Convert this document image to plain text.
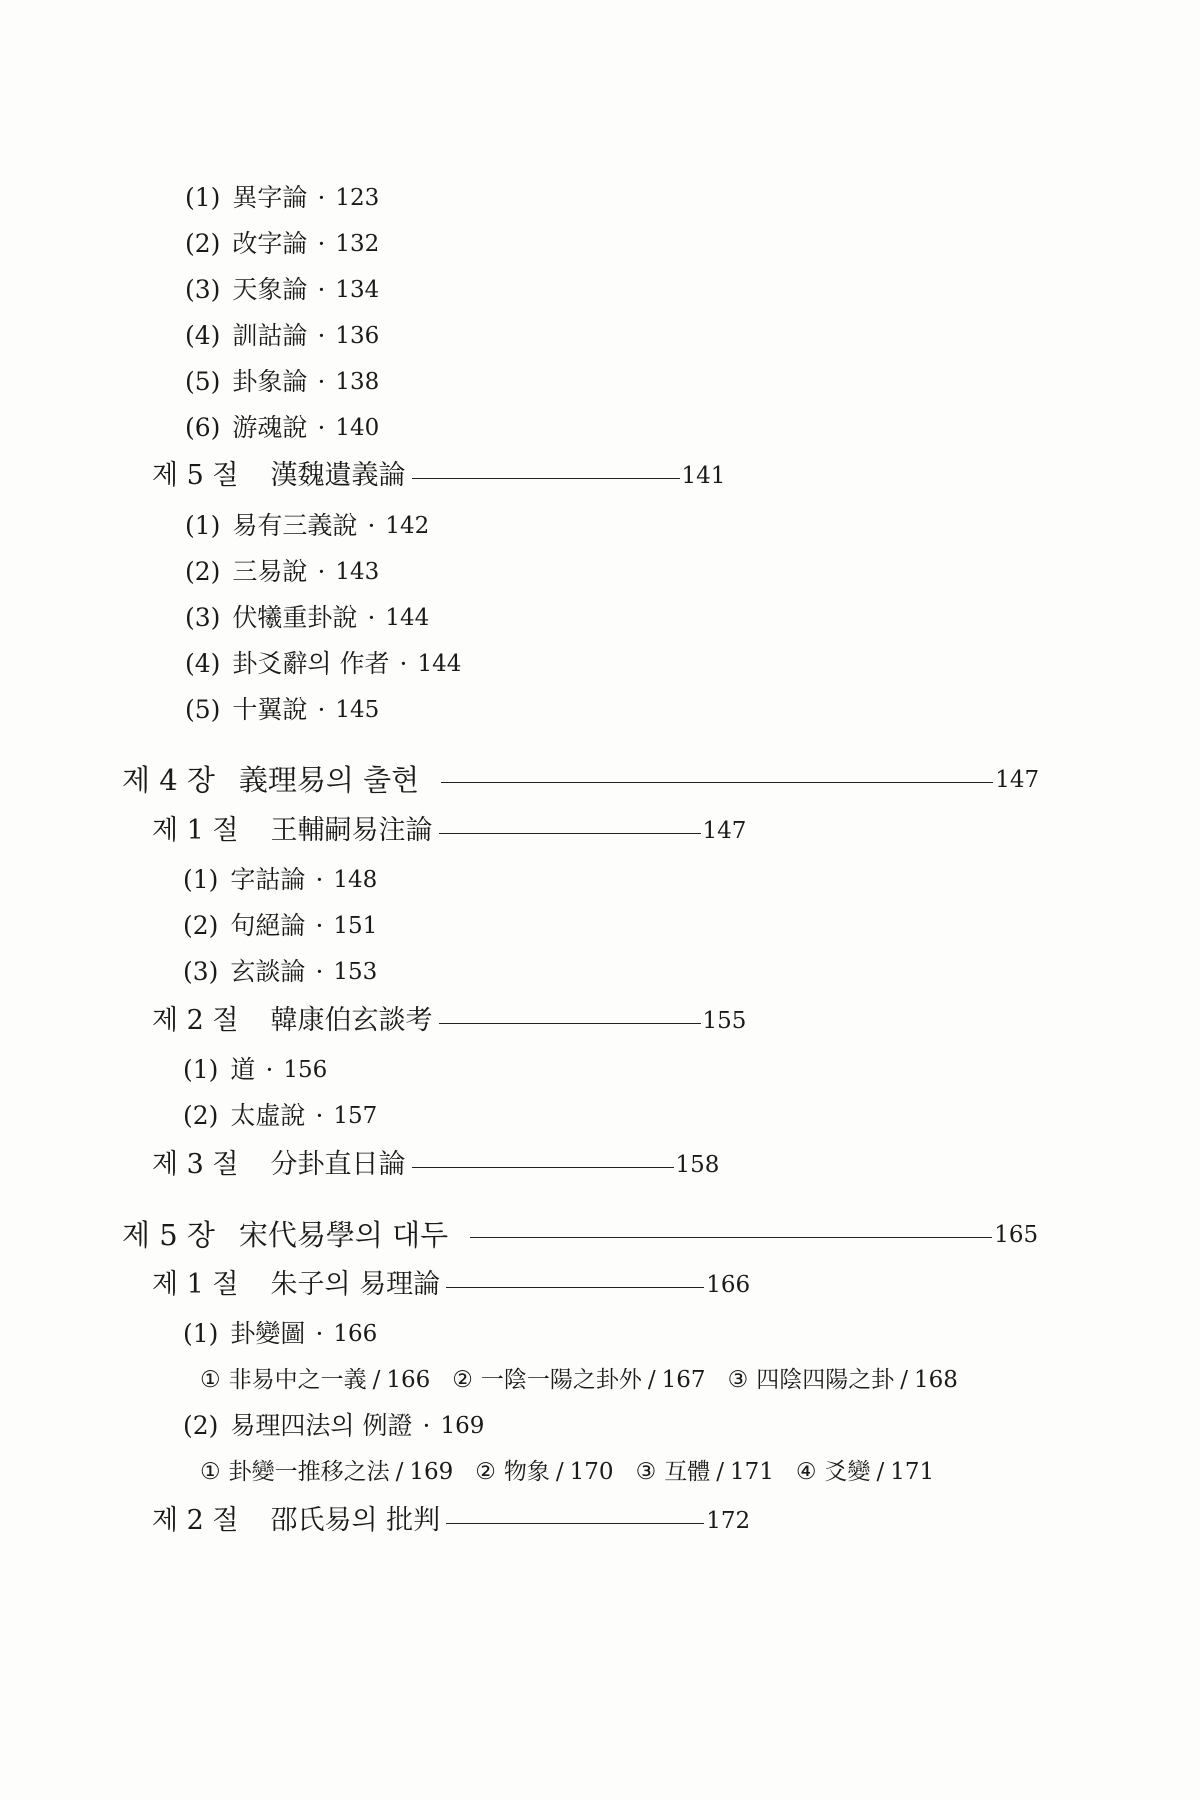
(1) 異字論 · 123
(2) 改字論 · 132
(3) 天象論 · 134
(4) 訓詁論 · 136
(5) 卦象論 · 138
(6) 游魂說 · 140
제 5 절 漢魏遺義論	141
(1) 易有三義說 · 142
(2) 三易說 · 143
(3) 伏犧重卦說 · 144
(4) 卦爻辭의 作者 · 144
(5) 十翼說 · 145
제 4 장 義理易의 출현	147
제 1 절 王輔嗣易注論	147
(1) 字詁論 · 148
(2) 句絕論 · 151
(3) 玄談論 · 153
제 2 절 韓康伯玄談考	155
(1) 道 · 156
(2) 太虛說 · 157
제 3 절 分卦直日論	158
제 5 장 宋代易學의 대두	165
제 1 절 朱子의 易理論	166
(1) 卦變圖 · 166
① 非易中之一義 / 166 ② 一陰一陽之卦外 / 167 ③ 四陰四陽之卦 / 168
(2) 易理四法의 例證 · 169
① 卦變一推移之法 / 169 ② 物象 / 170 ③ 互體 / 171 ④ 爻變 / 171
제 2 절 邵氏易의 批判	172
